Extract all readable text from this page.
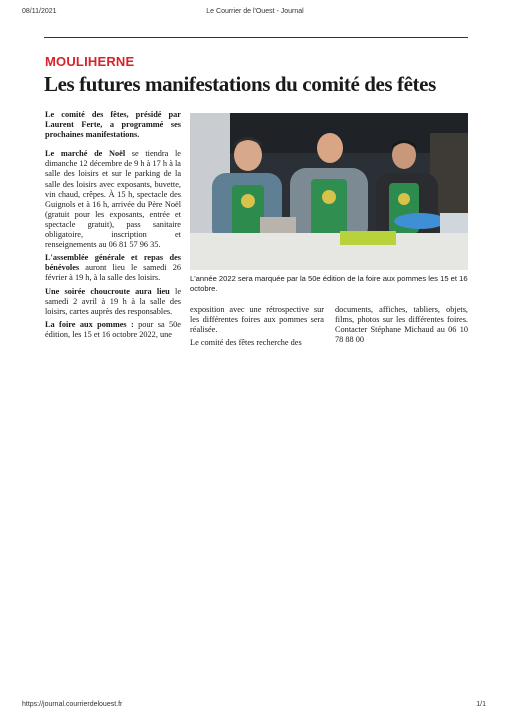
08/11/2021	Le Courrier de l'Ouest - Journal
MOULIHERNE
Les futures manifestations du comité des fêtes

Le comité des fêtes, présidé par Laurent Ferte, a programmé ses prochaines manifestations.

Le marché de Noël se tiendra le dimanche 12 décembre de 9 h à 17 h à la salle des loisirs et sur le parking de la salle des loisirs avec exposants, buvette, vin chaud, crêpes. À 15 h, spectacle des Guignols et à 16 h, arrivée du Père Noël (gratuit pour les exposants, entrée et spectacle gratuit), pass sanitaire obligatoire, inscription et renseignements au 06 81 57 96 35.

L'assemblée générale et repas des bénévoles auront lieu le samedi 26 février à 19 h, à la salle des loisirs.

Une soirée choucroute aura lieu le samedi 2 avril à 19 h à la salle des loisirs, cartes auprès des responsables.

La foire aux pommes : pour sa 50e édition, les 15 et 16 octobre 2022, une

L'année 2022 sera marquée par la 50e édition de la foire aux pommes les 15 et 16 octobre.

exposition avec une rétrospective sur les différentes foires aux pommes sera réalisée.

Le comité des fêtes recherche des

documents, affiches, tabliers, objets, films, photos sur les différentes foires. Contacter Stéphane Michaud au 06 10 78 88 00

https://journal.courrierdelouest.fr	1/1
